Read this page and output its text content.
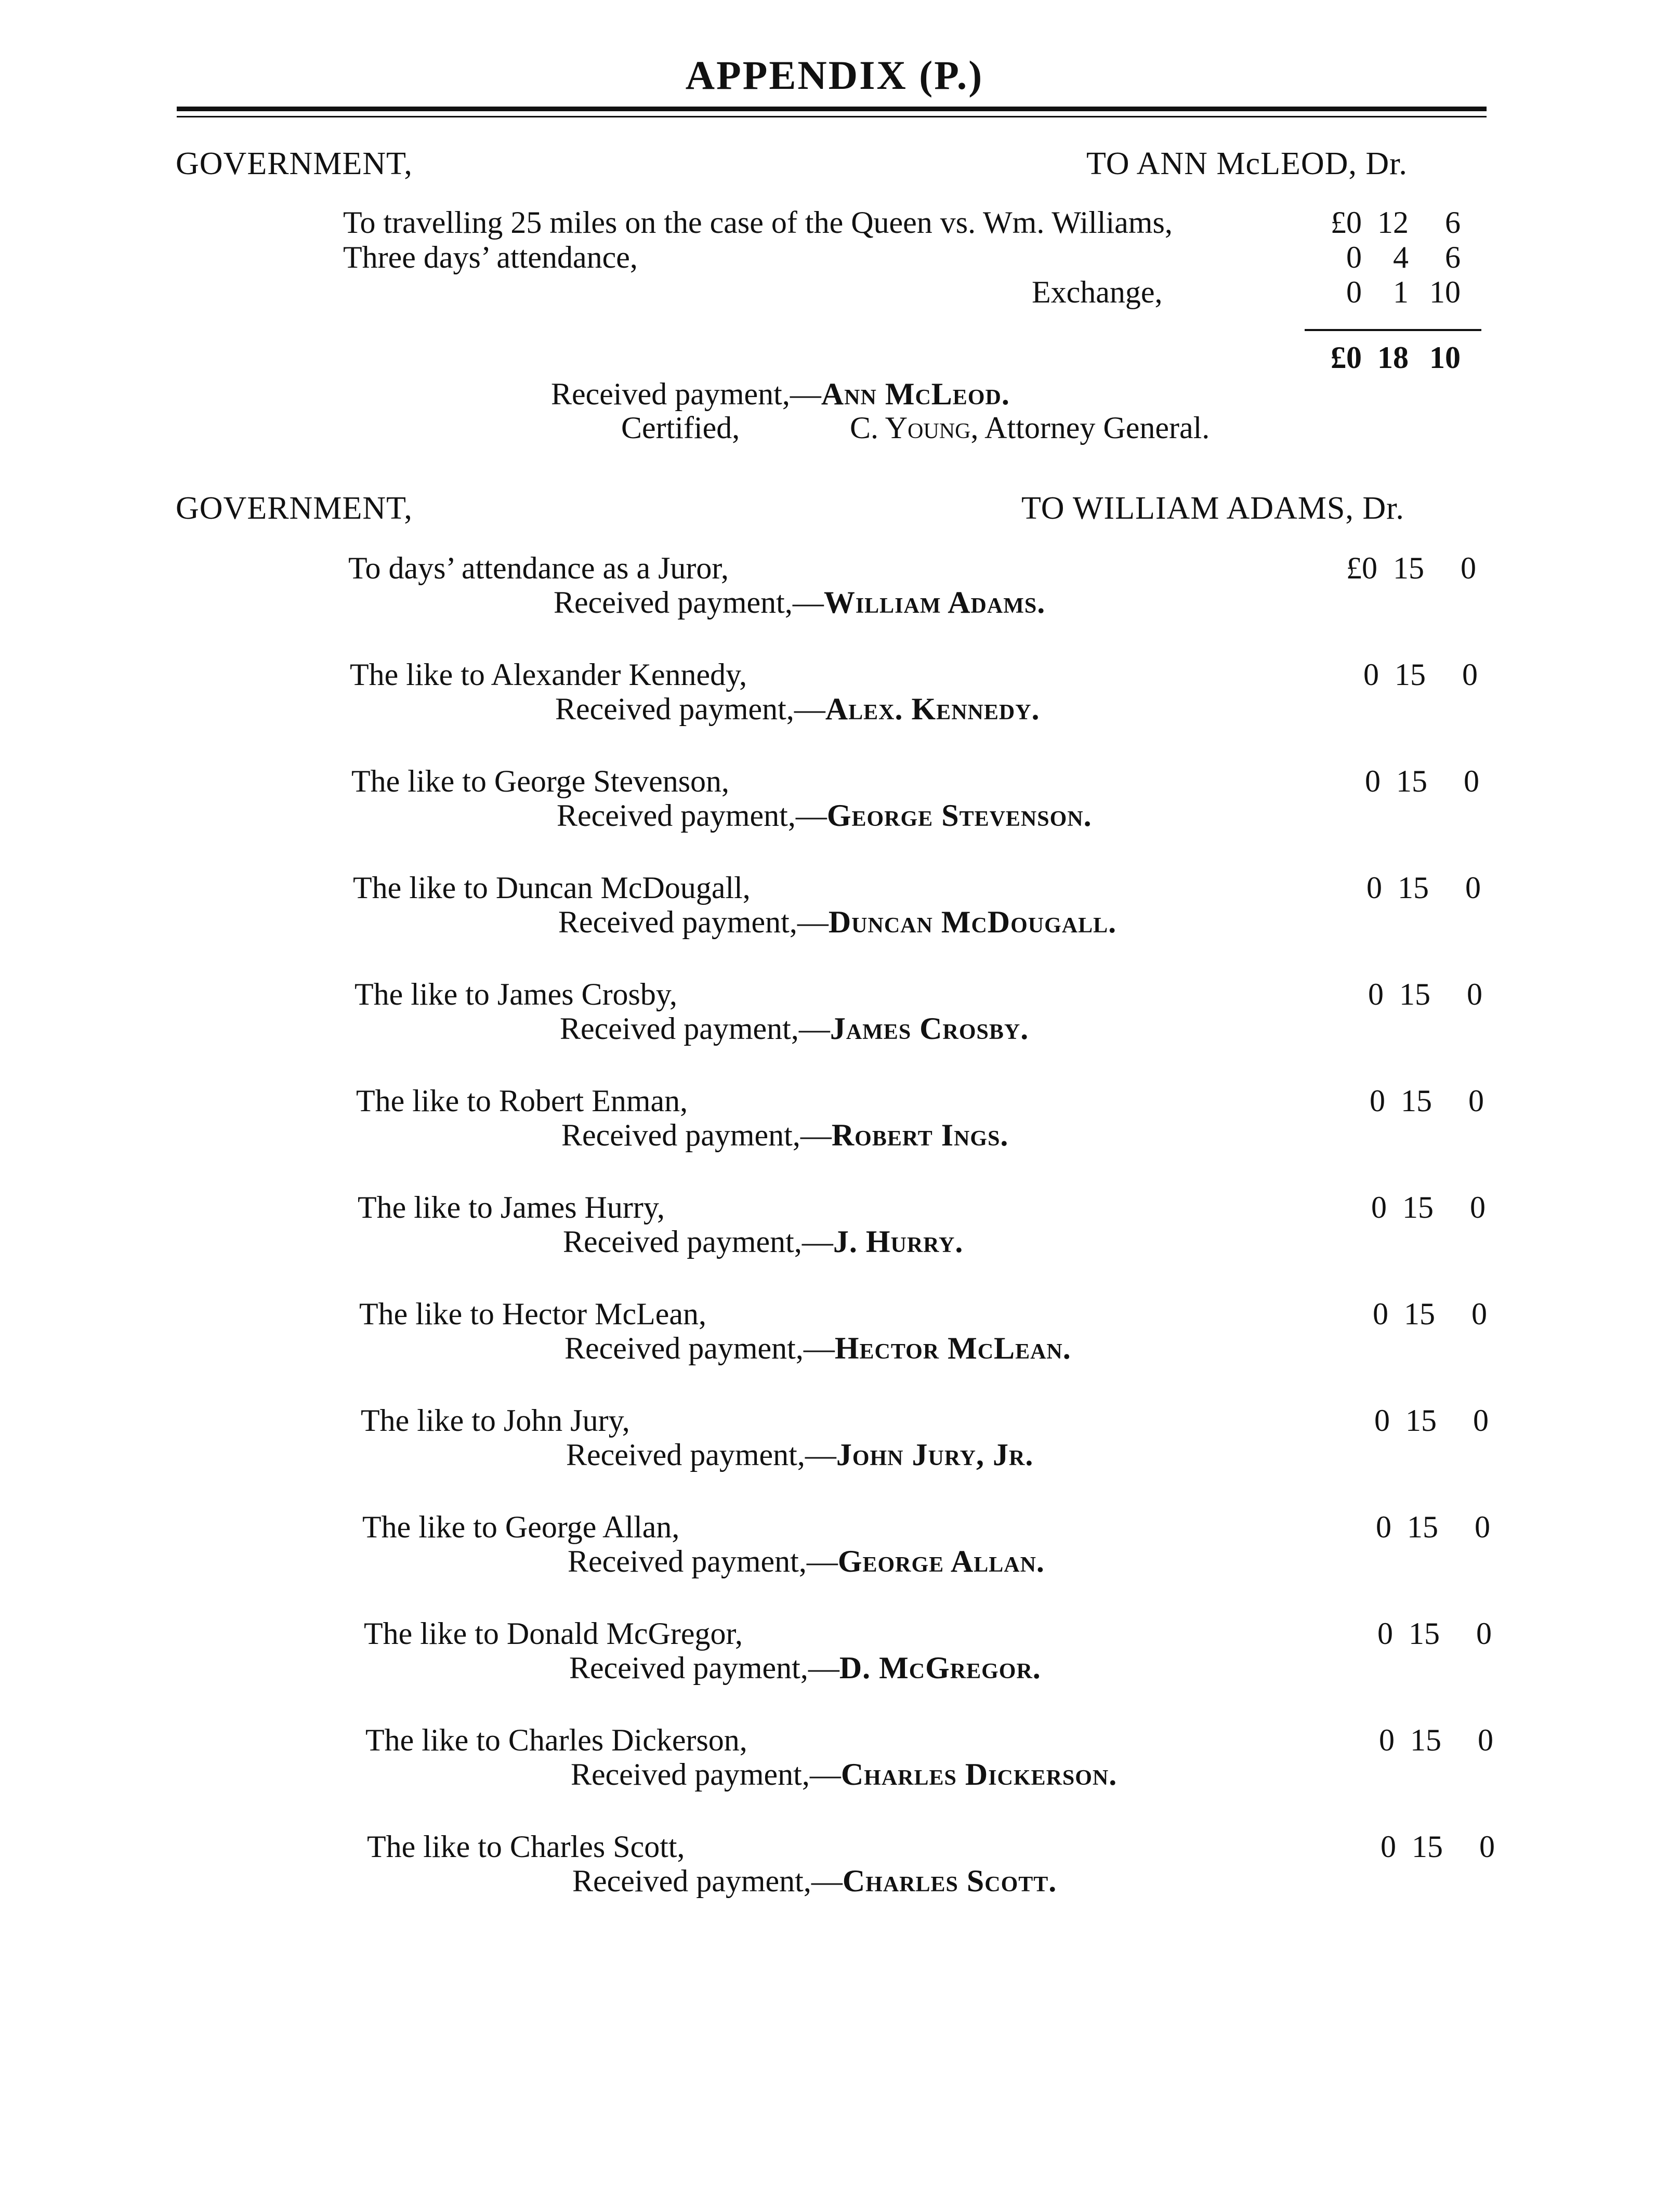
APPENDIX (P.)
GOVERNMENT,	TO ANN McLEOD, Dr.
To travelling 25 miles on the case of the Queen vs. Wm. Williams,	£0 12	6
Three days’ attendance,	0	4	6
Exchange,	0	1 10
£0 18 10
Received payment,—Ann McLeod.
Certified,	C. Young, Attorney General.
GOVERNMENT,	TO WILLIAM ADAMS, Dr.
To days’ attendance as a Juror,	£0 15	0
Received payment,—William Adams.
The like to Alexander Kennedy,	0 15	0
Received payment,—Alex. Kennedy.
The like to George Stevenson,	0 15	0
Received payment,—George Stevenson.
The like to Duncan McDougall,	0 15	0
Received payment,—Duncan McDougall.
The like to James Crosby,	0 15	0
Received payment,—James Crosby.
The like to Robert Enman,	0 15	0
Received payment,—Robert Ings.
The like to James Hurry,	0 15	0
Received payment,—J. Hurry.
The like to Hector McLean,	0 15	0
Received payment,—Hector McLean.
The like to John Jury,	0 15	0
Received payment,—John Jury, Jr.
The like to George Allan,	0 15	0
Received payment,—George Allan.
The like to Donald McGregor,	0 15	0
Received payment,—D. McGregor.
The like to Charles Dickerson,	0 15	0
Received payment,—Charles Dickerson.
The like to Charles Scott,	0 15	0
Received payment,—Charles Scott.
